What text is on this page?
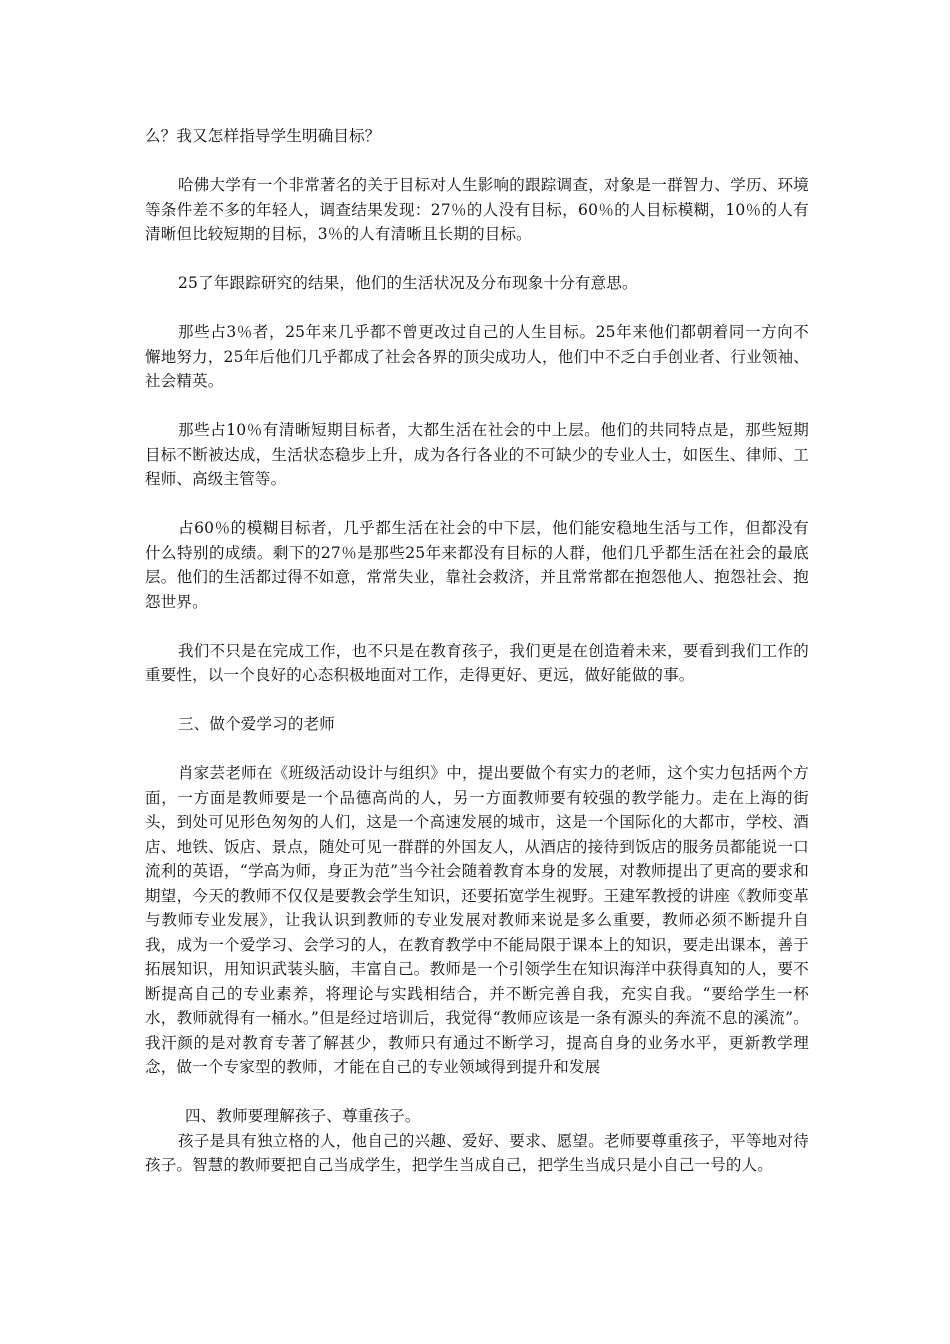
么？我又怎样指导学生明确目标？

哈佛大学有一个非常著名的关于目标对人生影响的跟踪调查，对象是一群智力、学历、环境等条件差不多的年轻人，调查结果发现：27％的人没有目标，60％的人目标模糊，10％的人有清晰但比较短期的目标，3％的人有清晰且长期的目标。

25了年跟踪研究的结果，他们的生活状况及分布现象十分有意思。

那些占3％者，25年来几乎都不曾更改过自己的人生目标。25年来他们都朝着同一方向不懈地努力，25年后他们几乎都成了社会各界的顶尖成功人，他们中不乏白手创业者、行业领袖、社会精英。

那些占10％有清晰短期目标者，大都生活在社会的中上层。他们的共同特点是，那些短期目标不断被达成，生活状态稳步上升，成为各行各业的不可缺少的专业人士，如医生、律师、工程师、高级主管等。

占60％的模糊目标者，几乎都生活在社会的中下层，他们能安稳地生活与工作，但都没有什么特别的成绩。剩下的27％是那些25年来都没有目标的人群，他们几乎都生活在社会的最底层。他们的生活都过得不如意，常常失业，靠社会救济，并且常常都在抱怨他人、抱怨社会、抱怨世界。

我们不只是在完成工作，也不只是在教育孩子，我们更是在创造着未来，要看到我们工作的重要性，以一个良好的心态积极地面对工作，走得更好、更远，做好能做的事。

三、做个爱学习的老师

肖家芸老师在《班级活动设计与组织》中，提出要做个有实力的老师，这个实力包括两个方面，一方面是教师要是一个品德高尚的人，另一方面教师要有较强的教学能力。走在上海的街头，到处可见形色匆匆的人们，这是一个高速发展的城市，这是一个国际化的大都市，学校、酒店、地铁、饭店、景点，随处可见一群群的外国友人，从酒店的接待到饭店的服务员都能说一口流利的英语，“学高为师，身正为范”当今社会随着教育本身的发展，对教师提出了更高的要求和期望，今天的教师不仅仅是要教会学生知识，还要拓宽学生视野。王建军教授的讲座《教师变革与教师专业发展》，让我认识到教师的专业发展对教师来说是多么重要，教师必须不断提升自我，成为一个爱学习、会学习的人，在教育教学中不能局限于课本上的知识，要走出课本，善于拓展知识，用知识武装头脑，丰富自己。教师是一个引领学生在知识海洋中获得真知的人，要不断提高自己的专业素养，将理论与实践相结合，并不断完善自我，充实自我。“要给学生一杯水，教师就得有一桶水。”但是经过培训后，我觉得“教师应该是一条有源头的奔流不息的溪流”。我汗颜的是对教育专著了解甚少，教师只有通过不断学习，提高自身的业务水平，更新教学理念，做一个专家型的教师，才能在自己的专业领域得到提升和发展

四、教师要理解孩子、尊重孩子。

孩子是具有独立格的人，他自己的兴趣、爱好、要求、愿望。老师要尊重孩子，平等地对待孩子。智慧的教师要把自己当成学生，把学生当成自己，把学生当成只是小自己一号的人。
